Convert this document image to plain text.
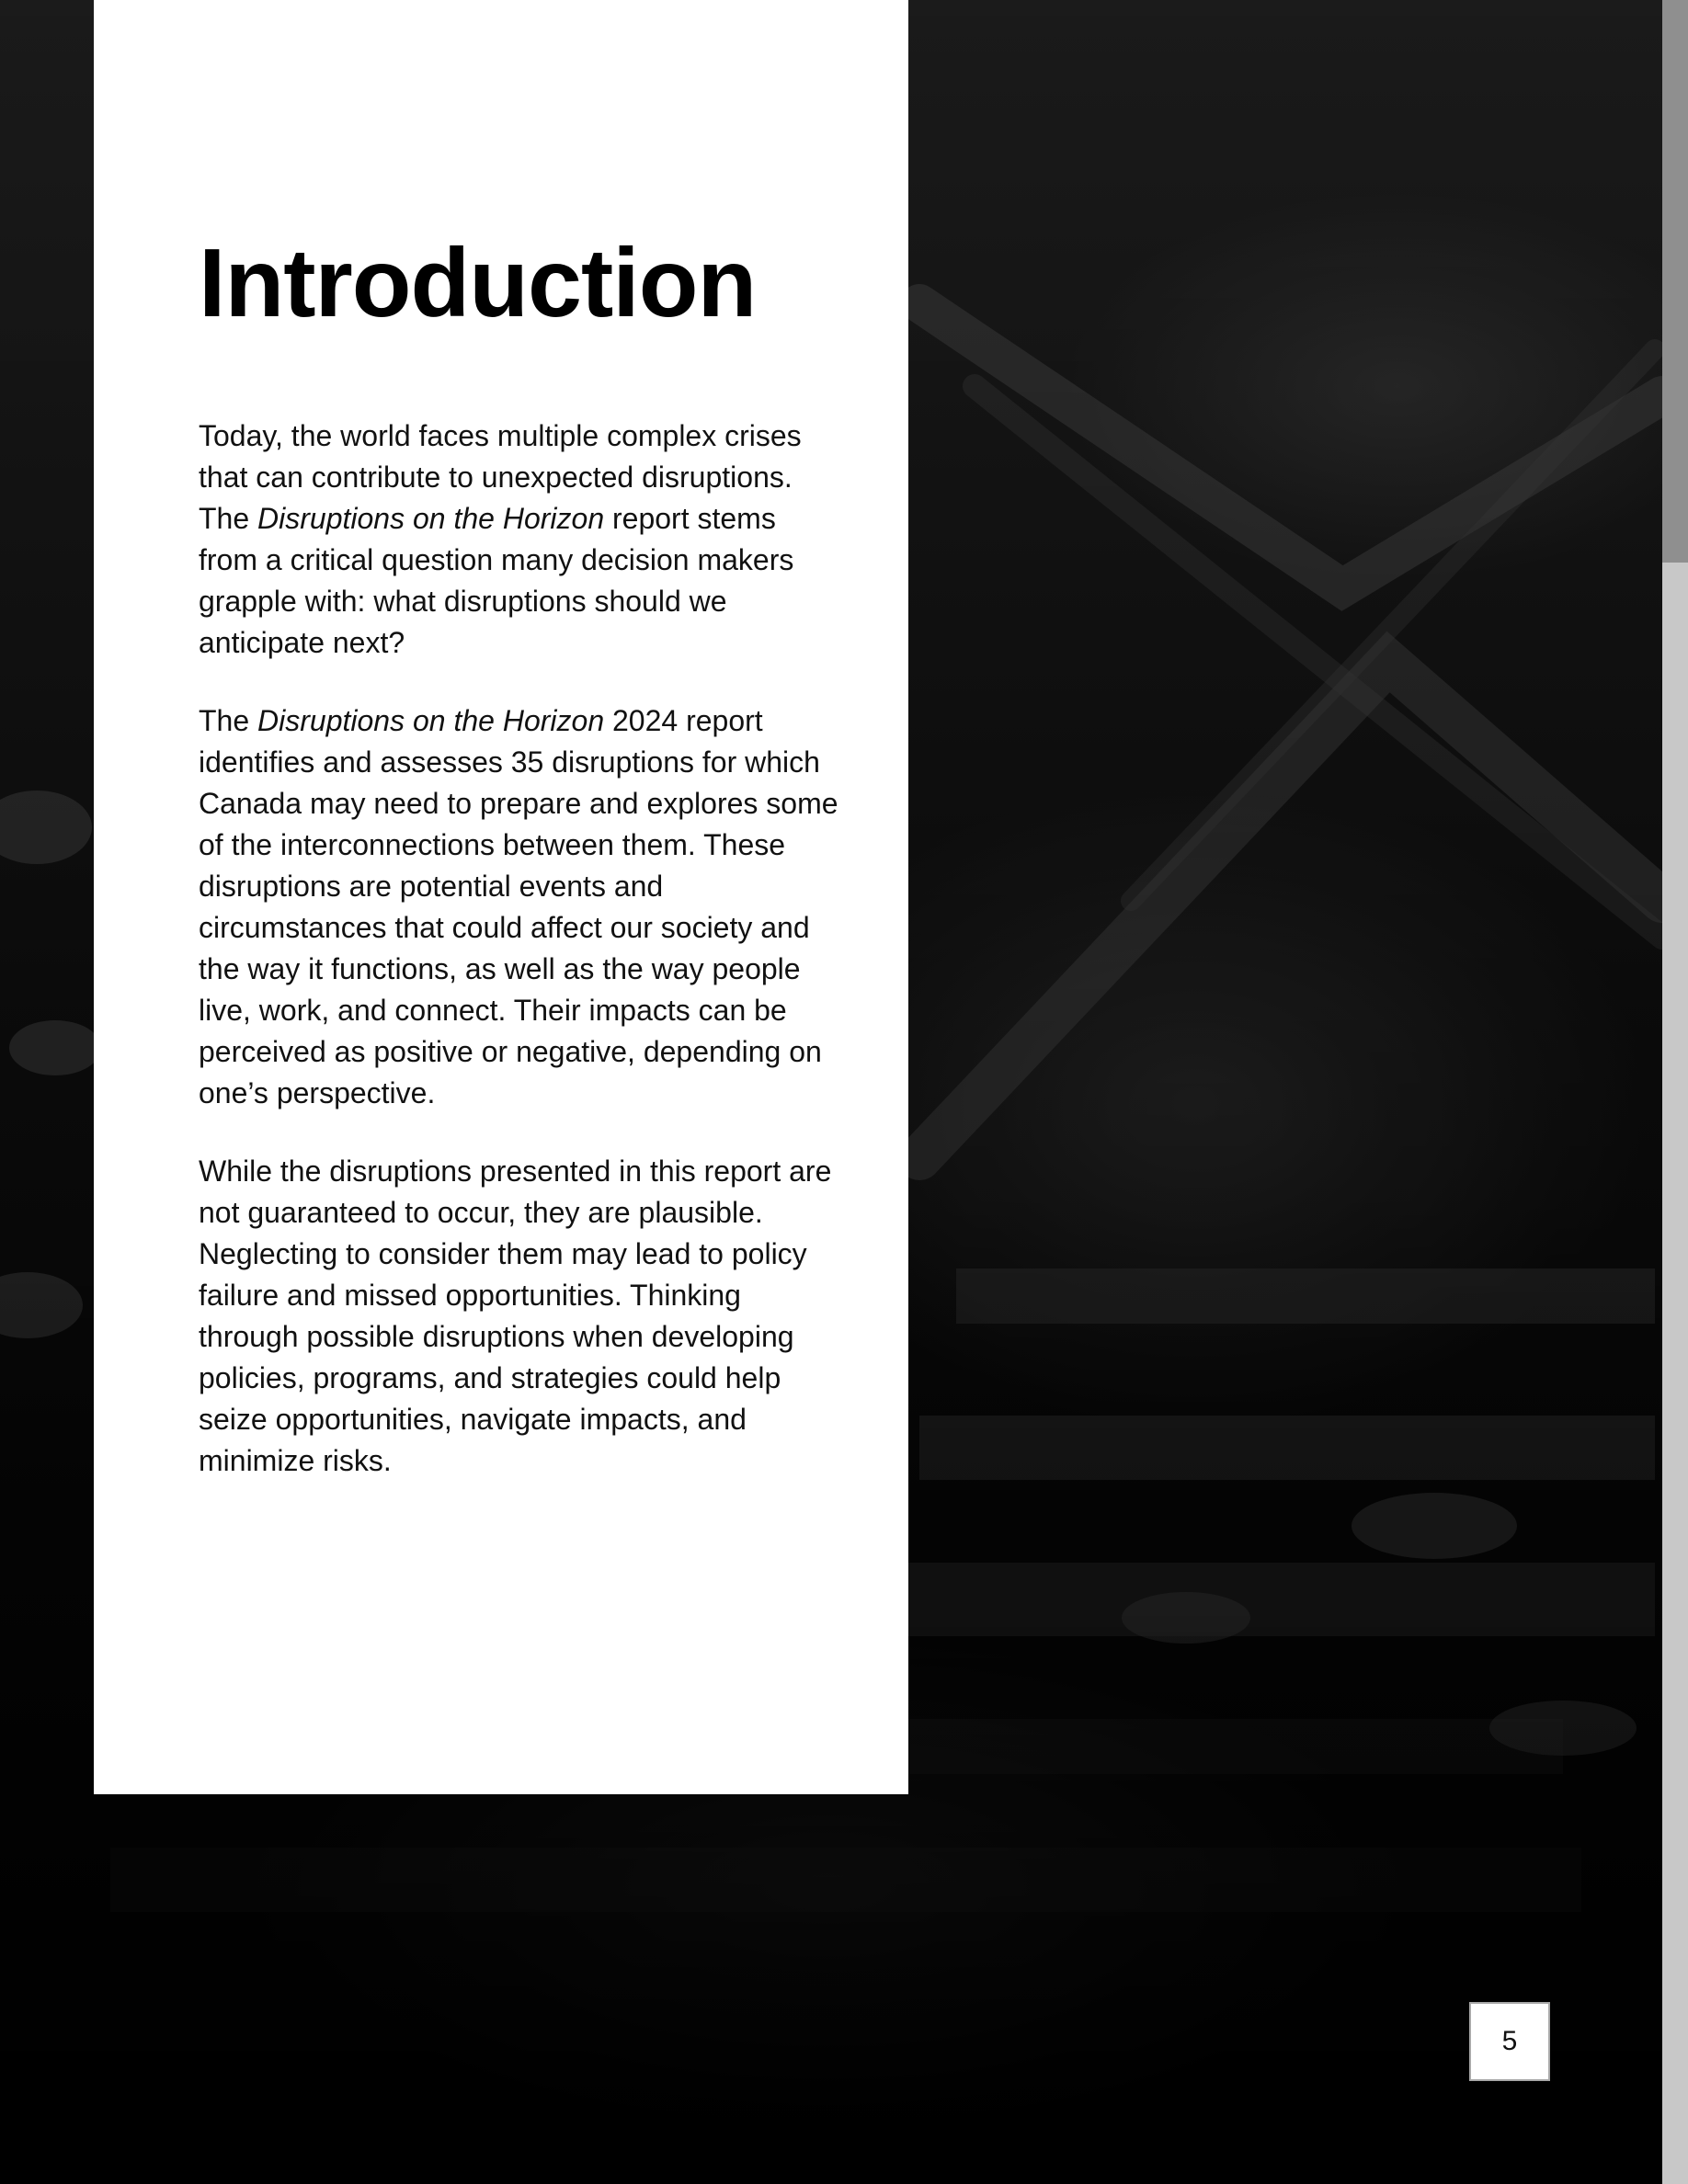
Introduction

Today, the world faces multiple complex crises that can contribute to unexpected disruptions. The Disruptions on the Horizon report stems from a critical question many decision makers grapple with: what disruptions should we anticipate next?

The Disruptions on the Horizon 2024 report identifies and assesses 35 disruptions for which Canada may need to prepare and explores some of the interconnections between them. These disruptions are potential events and circumstances that could affect our society and the way it functions, as well as the way people live, work, and connect. Their impacts can be perceived as positive or negative, depending on one’s perspective.

While the disruptions presented in this report are not guaranteed to occur, they are plausible. Neglecting to consider them may lead to policy failure and missed opportunities. Thinking through possible disruptions when developing policies, programs, and strategies could help seize opportunities, navigate impacts, and minimize risks.

5
